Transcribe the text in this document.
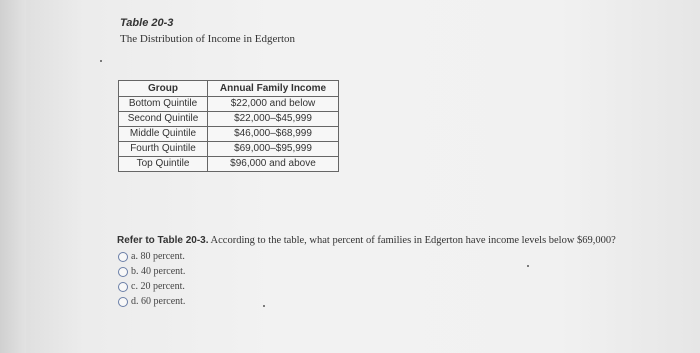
Table 20-3
The Distribution of Income in Edgerton
Group	Annual Family Income
Bottom Quintile	$22,000 and below
Second Quintile	$22,000–$45,999
Middle Quintile	$46,000–$68,999
Fourth Quintile	$69,000–$95,999
Top Quintile	$96,000 and above
Refer to Table 20-3. According to the table, what percent of families in Edgerton have income levels below $69,000?
a. 80 percent.
b. 40 percent.
c. 20 percent.
d. 60 percent.
